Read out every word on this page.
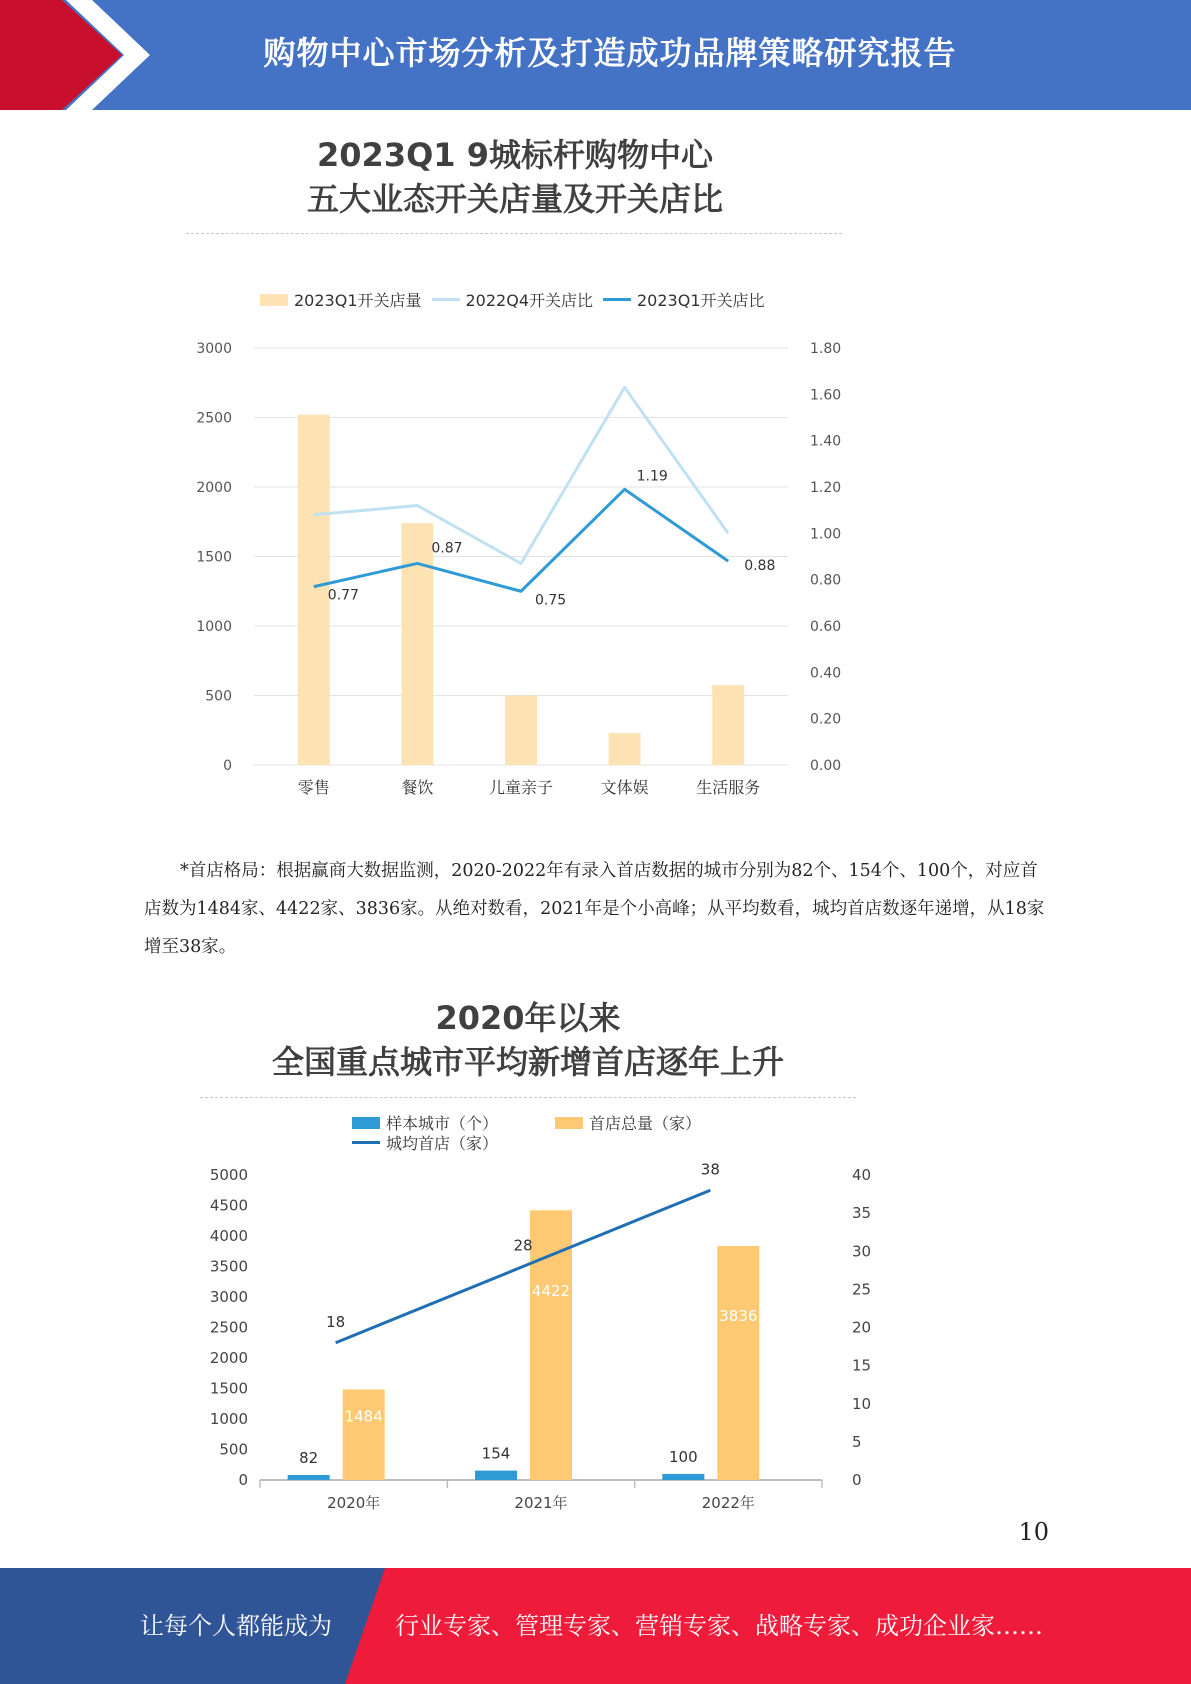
购物中心市场分析及打造成功品牌策略研究报告
2023Q1 9城标杆购物中心
五大业态开关店量及开关店比
2023Q1开关店量	2022Q4开关店比	2023Q1开关店比
0
500
1000
1500
2000
2500
3000
0.00
0.20
0.40
0.60
0.80
1.00
1.20
1.40
1.60
1.80
零售	餐饮	儿童亲子	文体娱	生活服务
0.77
0.87
0.75
1.19
0.88
*首店格局：根据赢商大数据监测，2020-2022年有录入首店数据的城市分别为82个、154个、100个，对应首店数为1484家、4422家、3836家。从绝对数看，2021年是个小高峰；从平均数看，城均首店数逐年递增，从18家增至38家。
2020年以来
全国重点城市平均新增首店逐年上升
样本城市（个）	首店总量（家）
城均首店（家）
0
500
1000
1500
2000
2500
3000
3500
4000
4500
5000
0
5
10
15
20
25
30
35
40
82	154	100
1484
4422
3836
18
28
38
2020年	2021年	2022年
10
让每个人都能成为	行业专家、管理专家、营销专家、战略专家、成功企业家……
